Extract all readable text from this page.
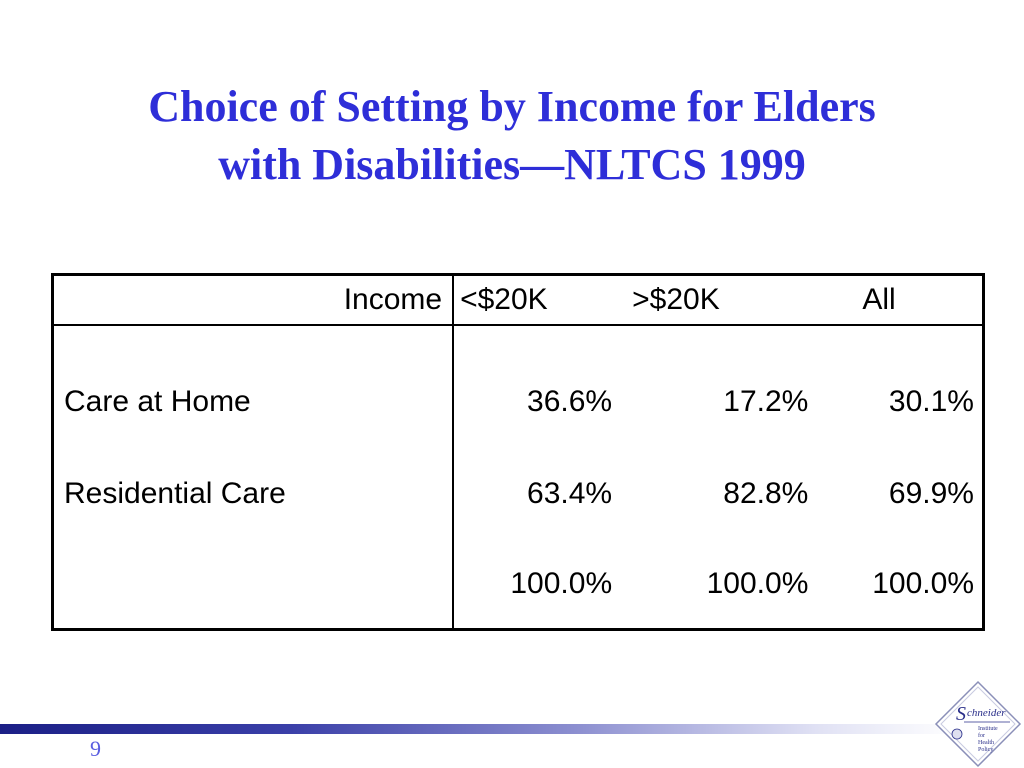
Choice of Setting by Income for Elders
with Disabilities—NLTCS 1999
Income	<$20K	>$20K	All
Care at Home	36.6%	17.2%	30.1%
Residential Care	63.4%	82.8%	69.9%
	100.0%	100.0%	100.0%
9
S chneider
Institute
for
Health
Policy
